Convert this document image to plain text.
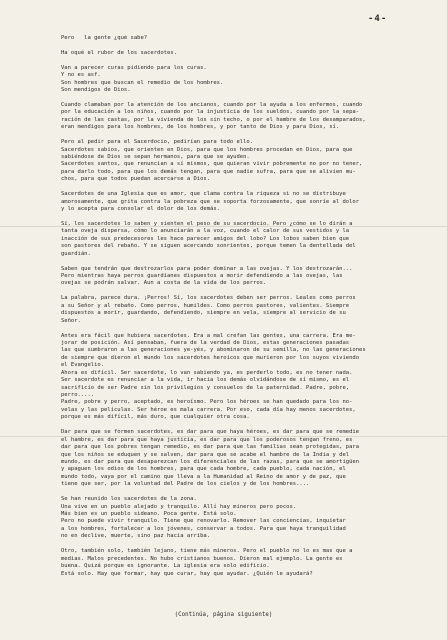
-4-
Pero   la gente ¿qué sabe?
Ha oqué el rubor de los sacerdotes.
Van a parecer curas pidiendo para los curas.
Y no es asf.
Son hombres que buscan el remedio de los hombres.
Son mendigos de Dios.
Cuando clamaban por la atención de los ancianos, cuando por la ayuda a los enfermos, cuando
por la educación a los niños, cuando por la injusticia de los sueldos, cuando por la sepa-
ración de las castas, por la vivienda de los sin techo, o por el hambre de los desamparados,
eran mendigos para los hombres, de los hombres, y por tanto de Dios y para Dios, sí.
Pero al pedir para el Sacerdocio, pedirían para todo ello.
Sacerdotes sabios, que orienten en Dios, para que los hombres procedan en Dios, para que
sabiéndose de Dios se sepan hermanos, para que se ayuden.
Sacerdotes santos, que renuncian a sí mismos, que quieran vivir pobremente no por no tener,
para darlo todo, para que los demás tengan, para que nadie sufra, para que se alivien mu-
chos, para que todos puedan acercarse a Dios.
Sacerdotes de una Iglesia que es amor, que clama contra la riqueza si no se distribuye
amorosamente, que grita contra la pobreza que se soporta forzosamente, que sonríe al dolor
y lo acepta para consolar el dolor de los demás.
Sí, los sacerdotes lo saben y sienten el peso de su sacerdocio. Pero ¿cómo se lo dirán a
tanta oveja dispersa, cómo lo anunciarán a la voz, cuando el calor de sus vestidos y la
inacción de sus predecesores les hace parecer amigos del lobo? Los lobos saben bien que
son pastores del rebaño. Y se siguen acercando sonrientes, porque temen la dentellada del
guardián.
Saben que tendrán que destrozarlos para poder dominar a las ovejas. Y los destrozarán...
Pero mientras haya perros guardianes dispuestos a morir defendiendo a las ovejas, las
ovejas se podrán salvar. Aun a costa de la vida de los perros.
La palabra, parece dura. ¡Perros! Sí, los sacerdotes deben ser perros. Leales como perros
a su Señor y al rebaño. Como perros, humildes. Como perros pastores, valientes. Siempre
dispuestos a morir, guardando, defendiendo, siempre en vela, siempre al servicio de su
Señor.
Antes era fácil que hubiera sacerdotes. Era a mal crefan las gentes, una carrera. Era me-
jorar de posición. Así pensaban, fuera de la verdad de Dios, estas generaciones pasadas
las que sumbraron a las generaciones ye-yés, y abominaron de su semilla, no las generaciones
de siempre que dieron el mundo los sacerdotes heroicos que murieron por los suyos viviendo
el Evangelio.
Ahora es difícil. Ser sacerdote, lo van sabiendo ya, es perderlo todo, es no tener nada.
Ser sacerdote es renunciar a la vida, ir hacia los demás olvidándose de sí mismo, es el
sacrificio de ser Padre sin los privilegios y consuelos de la paternidad. Padre, pobre,
perro.....
Padre, pobre y perro, aceptado, es heroísmo. Pero los héroes se han quedado para los no-
velas y las películas. Ser héroe es mala carrera. Por eso, cada día hay menos sacerdotes,
porque es más difícil, más duro, que cualquier otra cosa.
Dar para que se formen sacerdotes, es dar para que haya héroes, es dar para que se remedie
el hambre, es dar para que haya justicia, es dar para que los poderosos tengan freno, es
dar para que los pobres tengan remedio, es dar para que las familias sean protegidas, para
que los niños se eduquen y se salven, dar para que se acabe el hambre de la India y del
mundo, es dar para que desaparezcan los diferenciales de las razas, para que se amortigüen
y apaguen los odios de los hombres, para que cada hombre, cada pueblo, cada nación, el
mundo todo, vaya por el camino que lleva a la Humanidad al Reino de amor y de paz, que
tiene que ser, por la voluntad del Padre de los cielos y de los hombres....
Se han reunido los sacerdotes de la zona.
Una vive en un pueblo alejado y tranquilo. Allí hay mineros pero pocos.
Más bien es un pueblo sideano. Poca gente. Está solo.
Pero no puede vivir tranquilo. Tiene que renovarlo. Remover las conciencias, inquietar
a los hombres, fortalecer a los jóvenes, conservar a todos. Para que haya tranquilidad
no en declive, muerte, sino paz hacia arriba.
Otro, también solo, también lejano, tiene más mineros. Pero el pueblo no lo es mas que a
medias. Malos precedentes. No hubo cristianos buenos. Dieron mal ejemplo. La gente es
buena. Quizá porque es ignorante. La iglesia era solo edificio.
Está solo. Hay que formar, hay que curar, hay que ayudar. ¿Quién le ayudará?
(Continúa, página siguiente)
